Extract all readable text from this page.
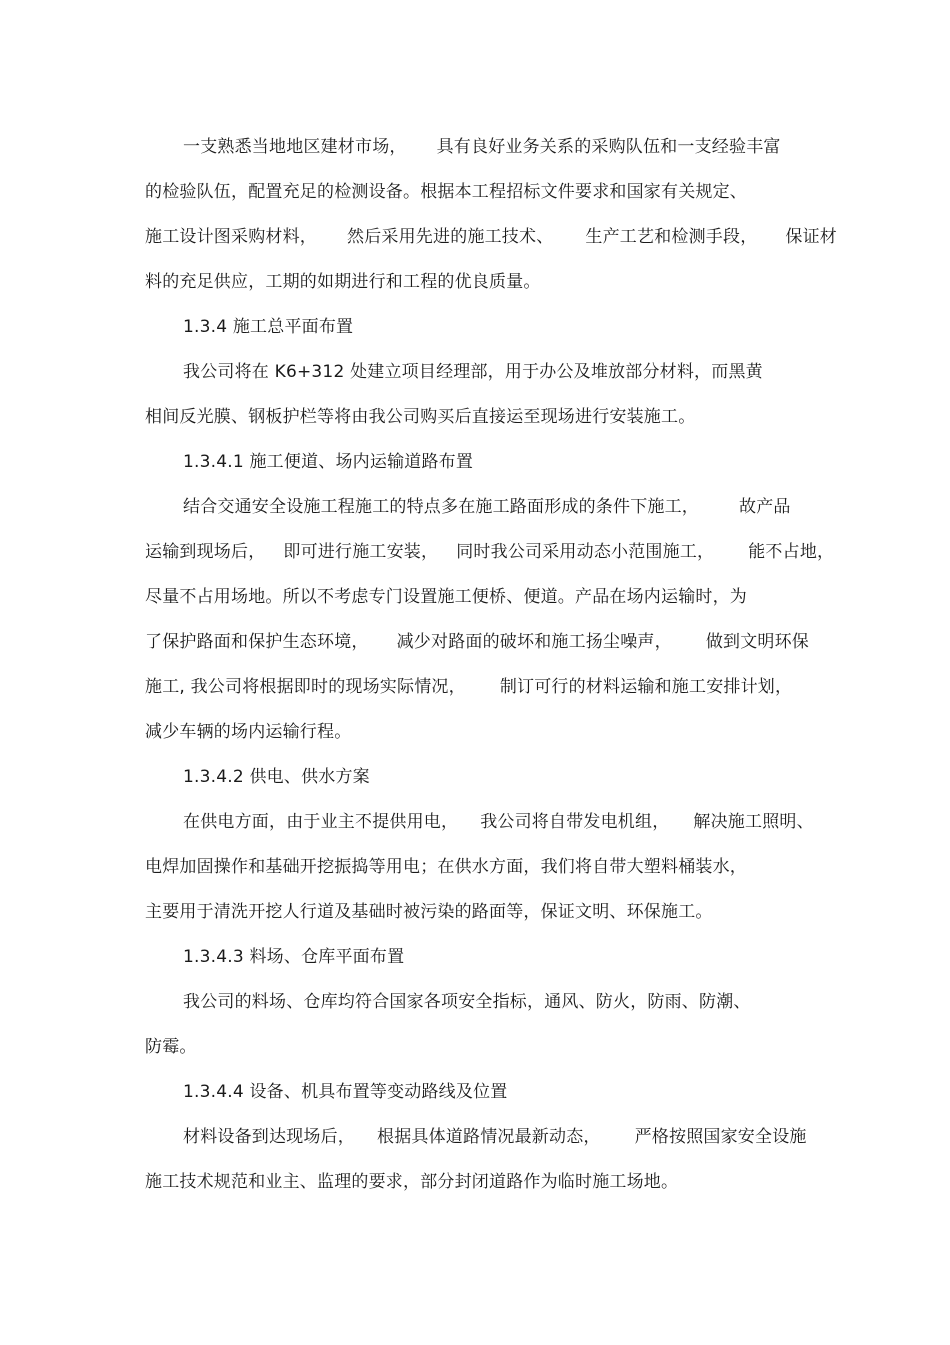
一支熟悉当地地区建材市场， 具有良好业务关系的采购队伍和一支经验丰富
的检验队伍，配置充足的检测设备。根据本工程招标文件要求和国家有关规定、
施工设计图采购材料， 然后采用先进的施工技术、 生产工艺和检测手段， 保证材
料的充足供应，工期的如期进行和工程的优良质量。
1.3.4 施工总平面布置
我公司将在 K6+312 处建立项目经理部，用于办公及堆放部分材料，而黑黄
相间反光膜、钢板护栏等将由我公司购买后直接运至现场进行安装施工。
1.3.4.1 施工便道、场内运输道路布置
结合交通安全设施工程施工的特点多在施工路面形成的条件下施工， 故产品
运输到现场后， 即可进行施工安装， 同时我公司采用动态小范围施工， 能不占地，
尽量不占用场地。所以不考虑专门设置施工便桥、便道。产品在场内运输时，为
了保护路面和保护生态环境， 减少对路面的破坏和施工扬尘噪声， 做到文明环保
施工, 我公司将根据即时的现场实际情况， 制订可行的材料运输和施工安排计划，
减少车辆的场内运输行程。
1.3.4.2 供电、供水方案
在供电方面，由于业主不提供用电， 我公司将自带发电机组， 解决施工照明、
电焊加固操作和基础开挖振捣等用电；在供水方面，我们将自带大塑料桶装水，
主要用于清洗开挖人行道及基础时被污染的路面等，保证文明、环保施工。
1.3.4.3 料场、仓库平面布置
我公司的料场、仓库均符合国家各项安全指标，通风、防火，防雨、防潮、
防霉。
1.3.4.4 设备、机具布置等变动路线及位置
材料设备到达现场后， 根据具体道路情况最新动态， 严格按照国家安全设施
施工技术规范和业主、监理的要求，部分封闭道路作为临时施工场地。
